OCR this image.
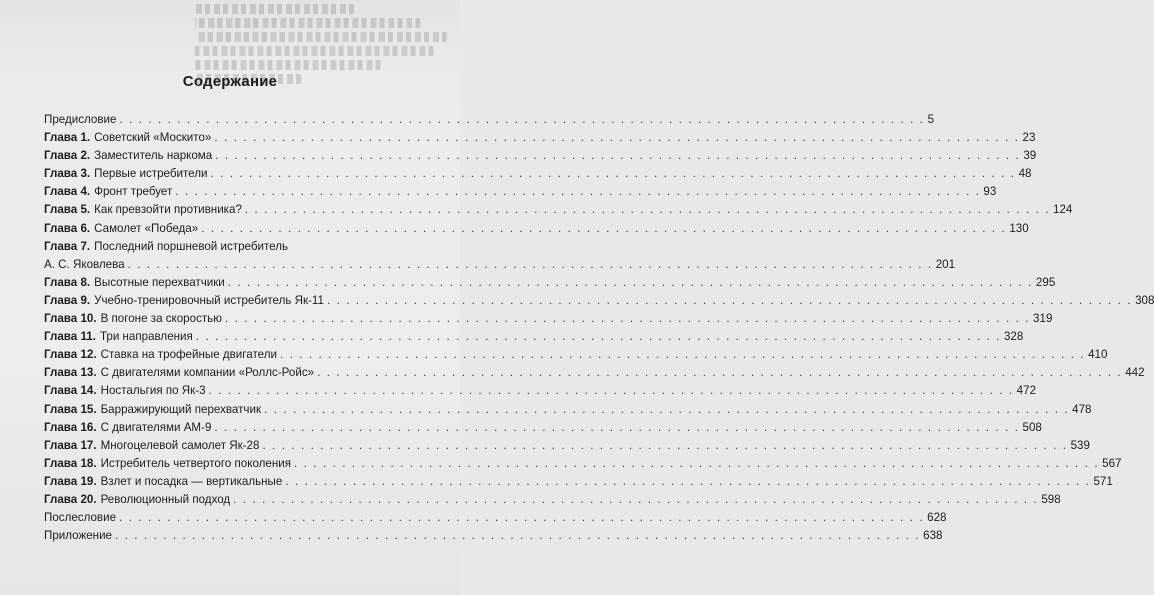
Содержание
Предисловие . . .	5
Глава 1. Советский «Москито» . . .	23
Глава 2. Заместитель наркома . . .	39
Глава 3. Первые истребители . . .	48
Глава 4. Фронт требует . . .	93
Глава 5. Как превзойти противника? . . .	124
Глава 6. Самолет «Победа» . . .	130
Глава 7. Последний поршневой истребитель
А. С. Яковлева . . .	201
Глава 8. Высотные перехватчики . . .	295
Глава 9. Учебно-тренировочный истребитель Як-11 . . .	308
Глава 10. В погоне за скоростью . . .	319
Глава 11. Три направления . . .	328
Глава 12. Ставка на трофейные двигатели . . .	410
Глава 13. С двигателями компании «Роллс-Ройс» . . .	442
Глава 14. Ностальгия по Як-3 . . .	472
Глава 15. Барражирующий перехватчик . . .	478
Глава 16. С двигателями АМ-9 . . .	508
Глава 17. Многоцелевой самолет Як-28 . . .	539
Глава 18. Истребитель четвертого поколения . . .	567
Глава 19. Взлет и посадка — вертикальные . . .	571
Глава 20. Революционный подход . . .	598
Послесловие . . .	628
Приложение . . .	638
